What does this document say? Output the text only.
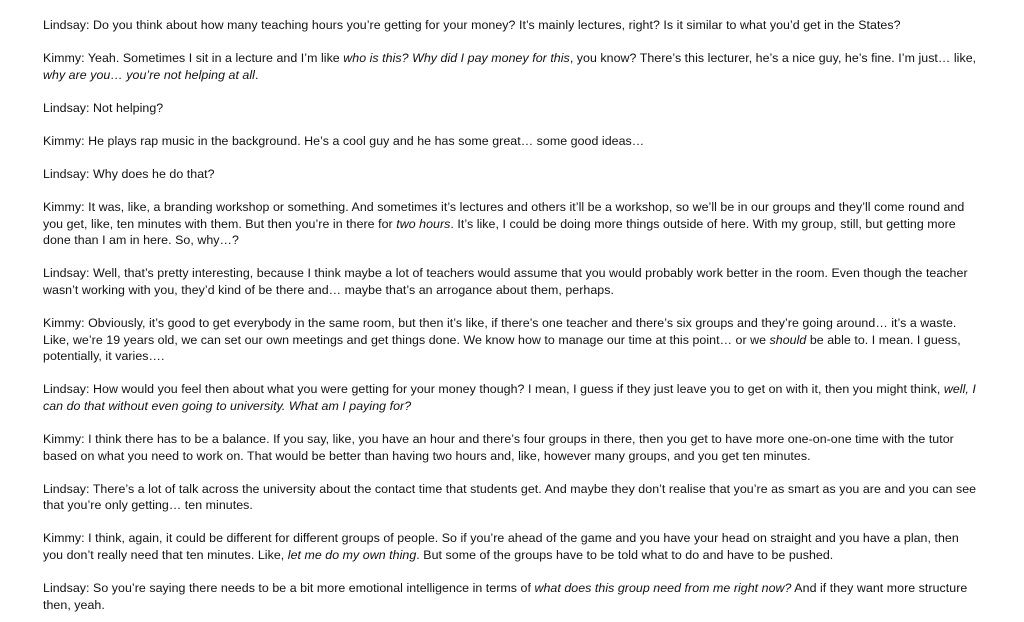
Lindsay: Do you think about how many teaching hours you’re getting for your money? It’s mainly lectures, right? Is it similar to what you’d get in the States?

Kimmy: Yeah. Sometimes I sit in a lecture and I’m like who is this? Why did I pay money for this, you know? There’s this lecturer, he’s a nice guy, he’s fine. I’m just… like, why are you… you’re not helping at all.

Lindsay: Not helping?

Kimmy: He plays rap music in the background. He’s a cool guy and he has some great… some good ideas…

Lindsay: Why does he do that?

Kimmy: It was, like, a branding workshop or something. And sometimes it’s lectures and others it’ll be a workshop, so we’ll be in our groups and they’ll come round and you get, like, ten minutes with them. But then you’re in there for two hours. It’s like, I could be doing more things outside of here. With my group, still, but getting more done than I am in here. So, why…?

Lindsay: Well, that’s pretty interesting, because I think maybe a lot of teachers would assume that you would probably work better in the room. Even though the teacher wasn’t working with you, they’d kind of be there and… maybe that’s an arrogance about them, perhaps.

Kimmy: Obviously, it’s good to get everybody in the same room, but then it’s like, if there’s one teacher and there’s six groups and they’re going around… it’s a waste. Like, we’re 19 years old, we can set our own meetings and get things done. We know how to manage our time at this point… or we should be able to. I mean. I guess, potentially, it varies….

Lindsay: How would you feel then about what you were getting for your money though? I mean, I guess if they just leave you to get on with it, then you might think, well, I can do that without even going to university. What am I paying for?

Kimmy: I think there has to be a balance. If you say, like, you have an hour and there’s four groups in there, then you get to have more one-on-one time with the tutor based on what you need to work on. That would be better than having two hours and, like, however many groups, and you get ten minutes.

Lindsay: There’s a lot of talk across the university about the contact time that students get. And maybe they don’t realise that you’re as smart as you are and you can see that you’re only getting… ten minutes.

Kimmy: I think, again, it could be different for different groups of people. So if you’re ahead of the game and you have your head on straight and you have a plan, then you don’t really need that ten minutes. Like, let me do my own thing. But some of the groups have to be told what to do and have to be pushed.

Lindsay: So you’re saying there needs to be a bit more emotional intelligence in terms of what does this group need from me right now? And if they want more structure then, yeah.
